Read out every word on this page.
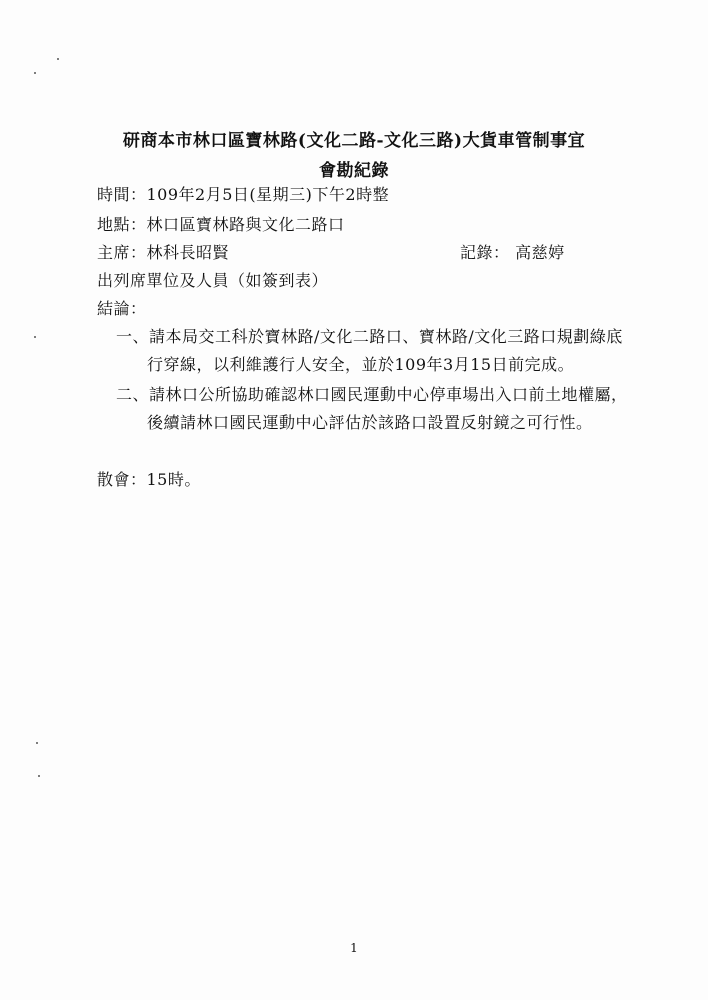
研商本市林口區寶林路(文化二路-文化三路)大貨車管制事宜
會勘紀錄
時間：109年2月5日(星期三)下午2時整
地點：林口區寶林路與文化二路口
主席：林科長昭賢	記錄： 高慈婷
出列席單位及人員（如簽到表）
結論：
一、請本局交工科於寶林路/文化二路口、寶林路/文化三路口規劃綠底
行穿線，以利維護行人安全，並於109年3月15日前完成。
二、請林口公所協助確認林口國民運動中心停車場出入口前土地權屬，
後續請林口國民運動中心評估於該路口設置反射鏡之可行性。
散會：15時。
1
